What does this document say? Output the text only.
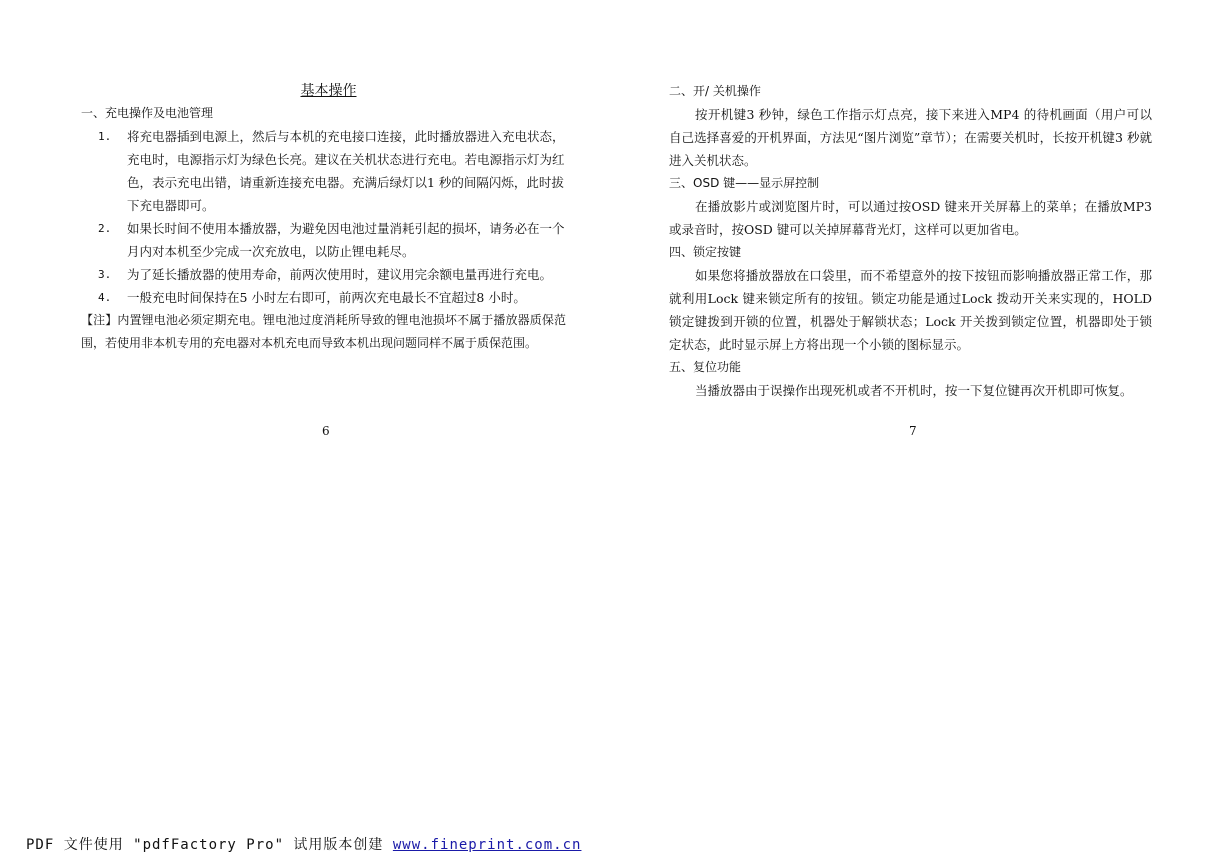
基本操作

一、充电操作及电池管理

1. 将充电器插到电源上，然后与本机的充电接口连接，此时播放器进入充电状态，充电时，电源指示灯为绿色长亮。建议在关机状态进行充电。若电源指示灯为红色，表示充电出错，请重新连接充电器。充满后绿灯以1 秒的间隔闪烁，此时拔下充电器即可。
2. 如果长时间不使用本播放器，为避免因电池过量消耗引起的损坏，请务必在一个月内对本机至少完成一次充放电，以防止锂电耗尽。
3. 为了延长播放器的使用寿命，前两次使用时，建议用完余额电量再进行充电。
4. 一般充电时间保持在5 小时左右即可，前两次充电最长不宜超过8 小时。

【注】内置锂电池必须定期充电。锂电池过度消耗所导致的锂电池损坏不属于播放器质保范围，若使用非本机专用的充电器对本机充电而导致本机出现问题同样不属于质保范围。

6

二、开/ 关机操作

按开机键3 秒钟，绿色工作指示灯点亮，接下来进入MP4 的待机画面（用户可以自己选择喜爱的开机界面，方法见“图片浏览”章节）；在需要关机时，长按开机键3 秒就进入关机状态。

三、OSD 键——显示屏控制

在播放影片或浏览图片时，可以通过按OSD 键来开关屏幕上的菜单；在播放MP3 或录音时，按OSD 键可以关掉屏幕背光灯，这样可以更加省电。

四、锁定按键

如果您将播放器放在口袋里，而不希望意外的按下按钮而影响播放器正常工作，那就利用Lock 键来锁定所有的按钮。锁定功能是通过Lock 拨动开关来实现的，HOLD 锁定键拨到开锁的位置，机器处于解锁状态；Lock 开关拨到锁定位置，机器即处于锁定状态，此时显示屏上方将出现一个小锁的图标显示。

五、复位功能

当播放器由于误操作出现死机或者不开机时，按一下复位键再次开机即可恢复。

7
PDF 文件使用 "pdfFactory Pro" 试用版本创建 www.fineprint.com.cn
